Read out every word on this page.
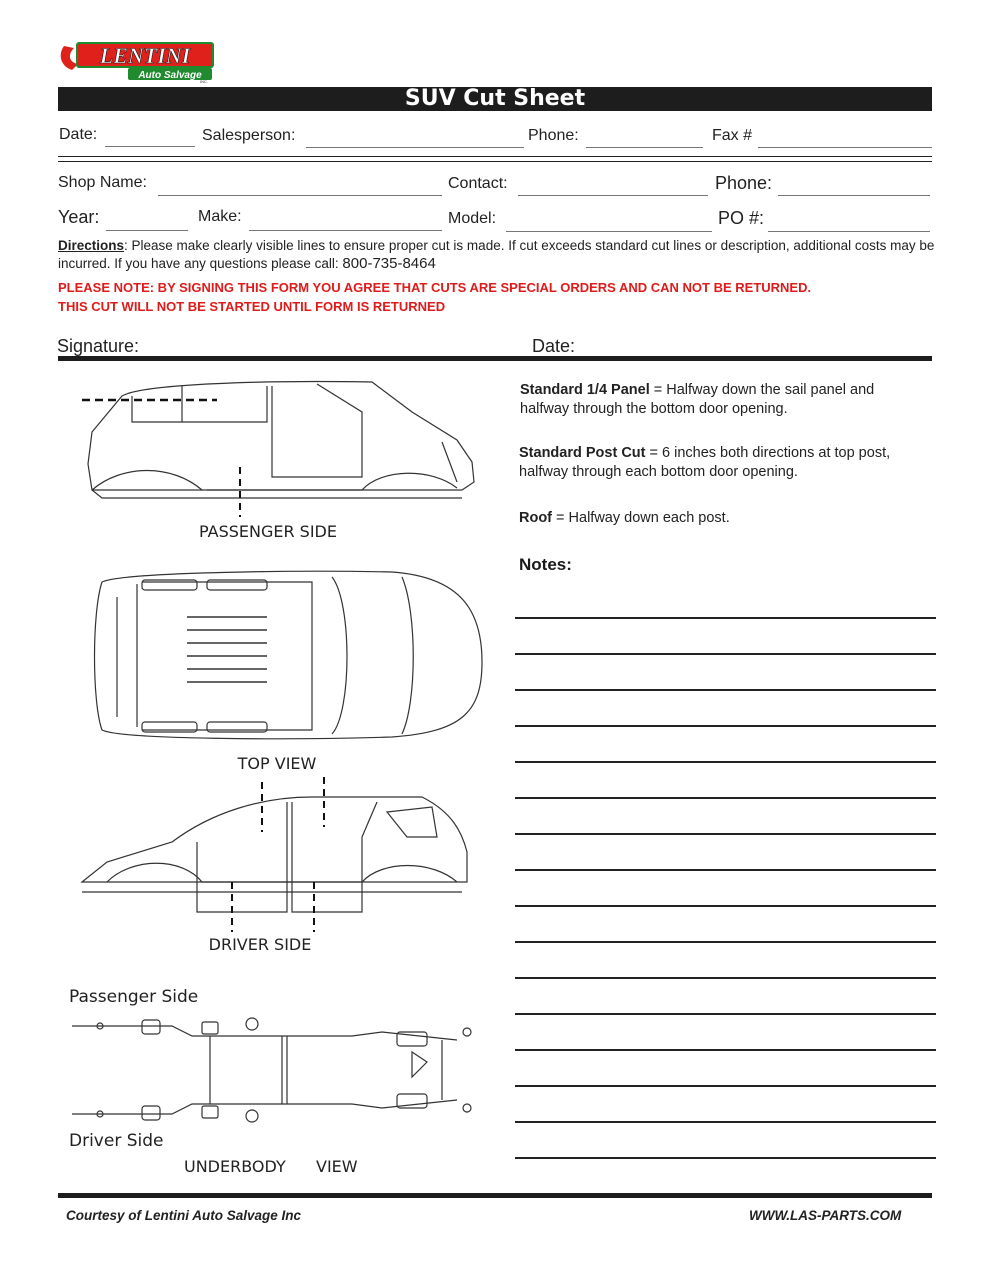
LENTINI
Auto Salvage
INC.
SUV Cut Sheet
Date:	Salesperson:	Phone:	Fax #
Shop Name:	Contact:	Phone:
Year:	Make:	Model:	PO #:
Directions: Please make clearly visible lines to ensure proper cut is made. If cut exceeds standard cut lines or description, additional costs may be incurred. If you have any questions please call: 800-735-8464
PLEASE NOTE: BY SIGNING THIS FORM YOU AGREE THAT CUTS ARE SPECIAL ORDERS AND CAN NOT BE RETURNED.
THIS CUT WILL NOT BE STARTED UNTIL FORM IS RETURNED
Signature:	Date:
PASSENGER SIDE
TOP VIEW
DRIVER SIDE
Passenger Side
Driver Side
UNDERBODY VIEW
Standard 1/4 Panel = Halfway down the sail panel and halfway through the bottom door opening.
Standard Post Cut = 6 inches both directions at top post, halfway through each bottom door opening.
Roof = Halfway down each post.
Notes:
Courtesy of Lentini Auto Salvage Inc	WWW.LAS-PARTS.COM
